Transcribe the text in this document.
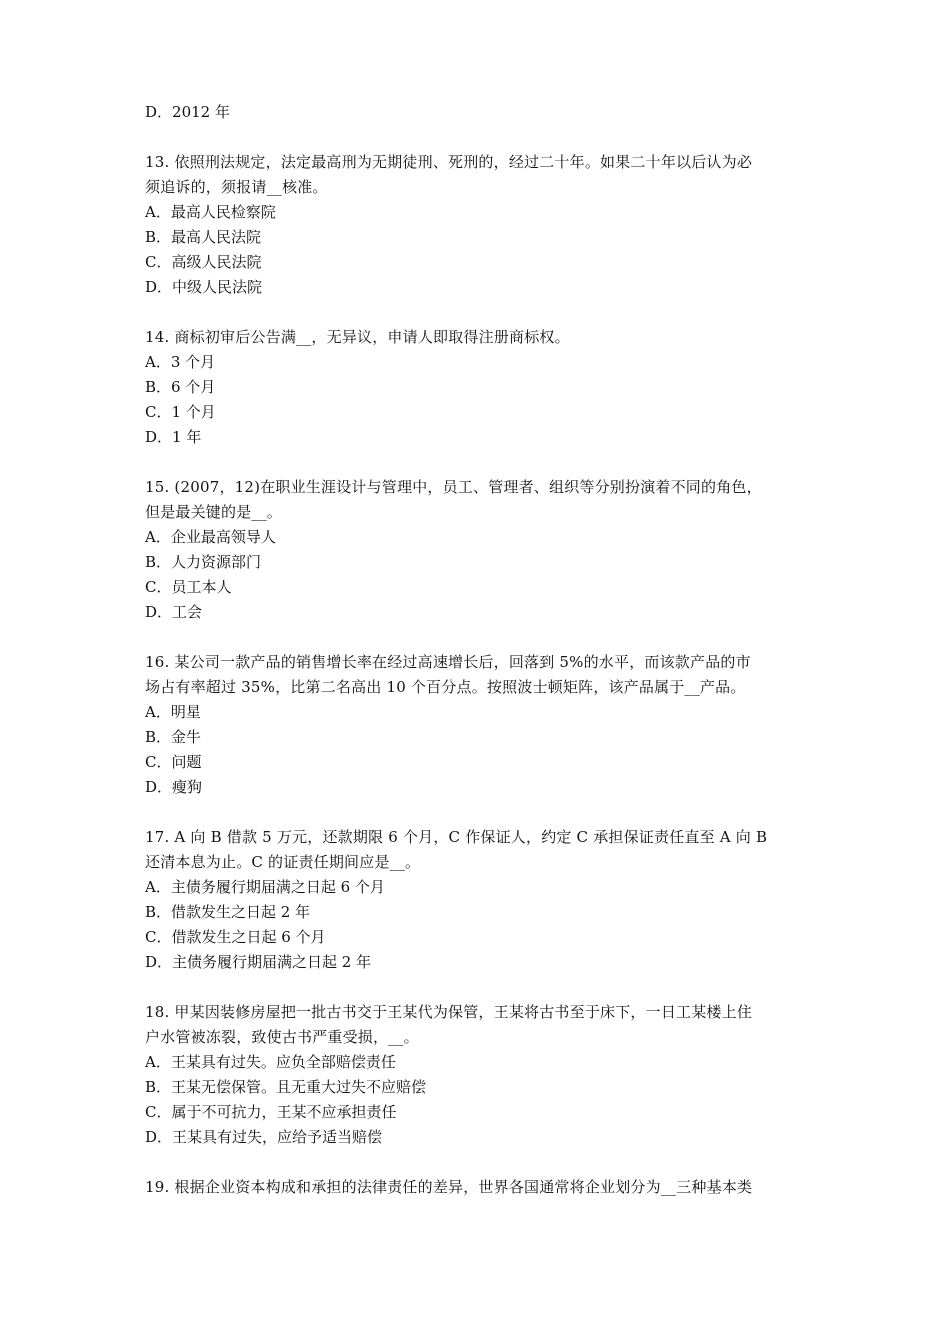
D．2012 年
13. 依照刑法规定，法定最高刑为无期徒刑、死刑的，经过二十年。如果二十年以后认为必
须追诉的，须报请__核准。
A．最高人民检察院
B．最高人民法院
C．高级人民法院
D．中级人民法院
14. 商标初审后公告满__，无异议，申请人即取得注册商标权。
A．3 个月
B．6 个月
C．1 个月
D．1 年
15. (2007，12)在职业生涯设计与管理中，员工、管理者、组织等分别扮演着不同的角色，
但是最关键的是__。
A．企业最高领导人
B．人力资源部门
C．员工本人
D．工会
16. 某公司一款产品的销售增长率在经过高速增长后，回落到 5%的水平，而该款产品的市
场占有率超过 35%，比第二名高出 10 个百分点。按照波士顿矩阵，该产品属于__产品。
A．明星
B．金牛
C．问题
D．瘦狗
17. A 向 B 借款 5 万元，还款期限 6 个月，C 作保证人，约定 C 承担保证责任直至 A 向 B
还清本息为止。C 的证责任期间应是__。
A．主债务履行期届满之日起 6 个月
B．借款发生之日起 2 年
C．借款发生之日起 6 个月
D．主债务履行期届满之日起 2 年
18. 甲某因装修房屋把一批古书交于王某代为保管，王某将古书至于床下，一日工某楼上住
户水管被冻裂，致使古书严重受损，__。
A．王某具有过失。应负全部赔偿责任
B．王某无偿保管。且无重大过失不应赔偿
C．属于不可抗力，王某不应承担责任
D．王某具有过失，应给予适当赔偿
19. 根据企业资本构成和承担的法律责任的差异，世界各国通常将企业划分为__三种基本类
